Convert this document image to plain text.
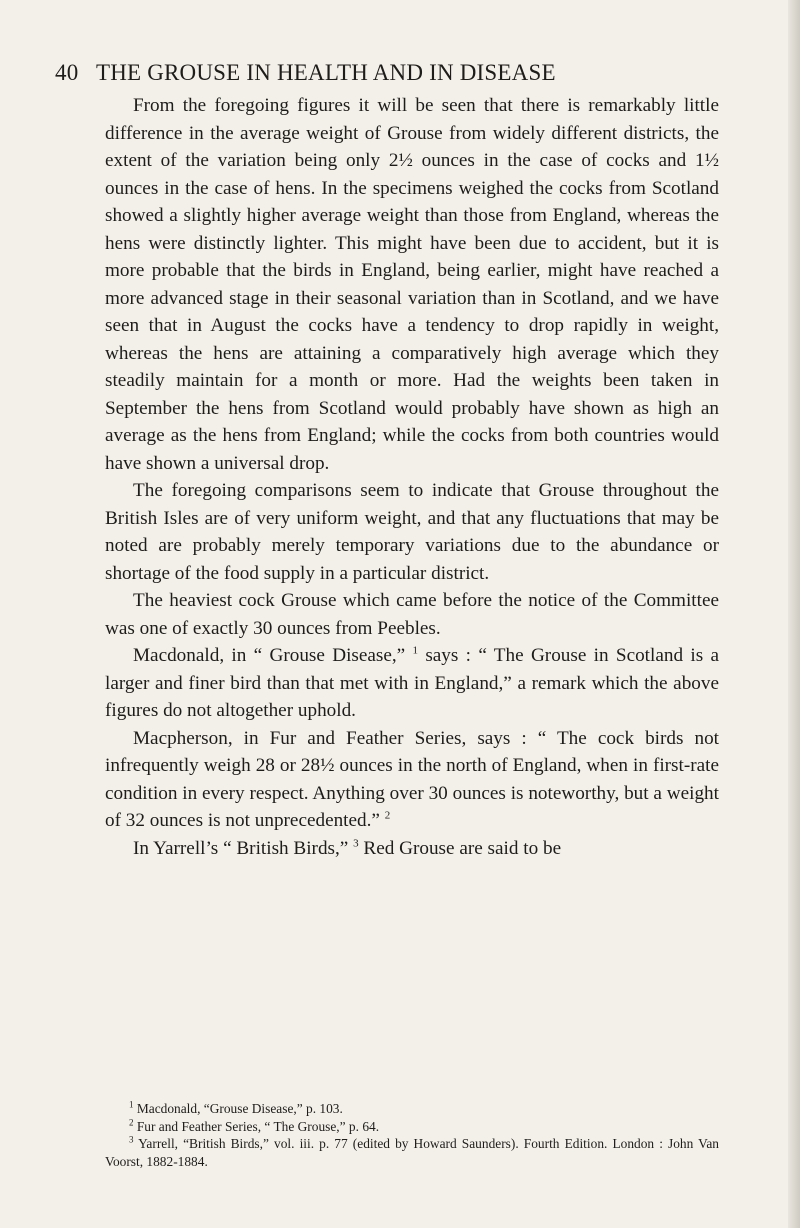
40 THE GROUSE IN HEALTH AND IN DISEASE

From the foregoing figures it will be seen that there is remarkably little difference in the average weight of Grouse from widely different districts, the extent of the variation being only 2½ ounces in the case of cocks and 1½ ounces in the case of hens. In the specimens weighed the cocks from Scotland showed a slightly higher average weight than those from England, whereas the hens were distinctly lighter. This might have been due to accident, but it is more probable that the birds in England, being earlier, might have reached a more advanced stage in their seasonal variation than in Scotland, and we have seen that in August the cocks have a tendency to drop rapidly in weight, whereas the hens are attaining a comparatively high average which they steadily maintain for a month or more. Had the weights been taken in September the hens from Scotland would probably have shown as high an average as the hens from England; while the cocks from both countries would have shown a universal drop.

The foregoing comparisons seem to indicate that Grouse throughout the British Isles are of very uniform weight, and that any fluctuations that may be noted are probably merely temporary variations due to the abundance or shortage of the food supply in a particular district.

The heaviest cock Grouse which came before the notice of the Committee was one of exactly 30 ounces from Peebles.

Macdonald, in “ Grouse Disease,” $^1$ says : “ The Grouse in Scotland is a larger and finer bird than that met with in England,” a remark which the above figures do not altogether uphold.

Macpherson, in Fur and Feather Series, says : “ The cock birds not infrequently weigh 28 or 28½ ounces in the north of England, when in first-rate condition in every respect. Anything over 30 ounces is noteworthy, but a weight of 32 ounces is not unprecedented.” $^2$

In Yarrell’s “ British Birds,” $^3$ Red Grouse are said to be

$^1$ Macdonald, “Grouse Disease,” p. 103.

$^2$ Fur and Feather Series, “ The Grouse,” p. 64.

$^3$ Yarrell, “British Birds,” vol. iii. p. 77 (edited by Howard Saunders). Fourth Edition. London : John Van Voorst, 1882-1884.
